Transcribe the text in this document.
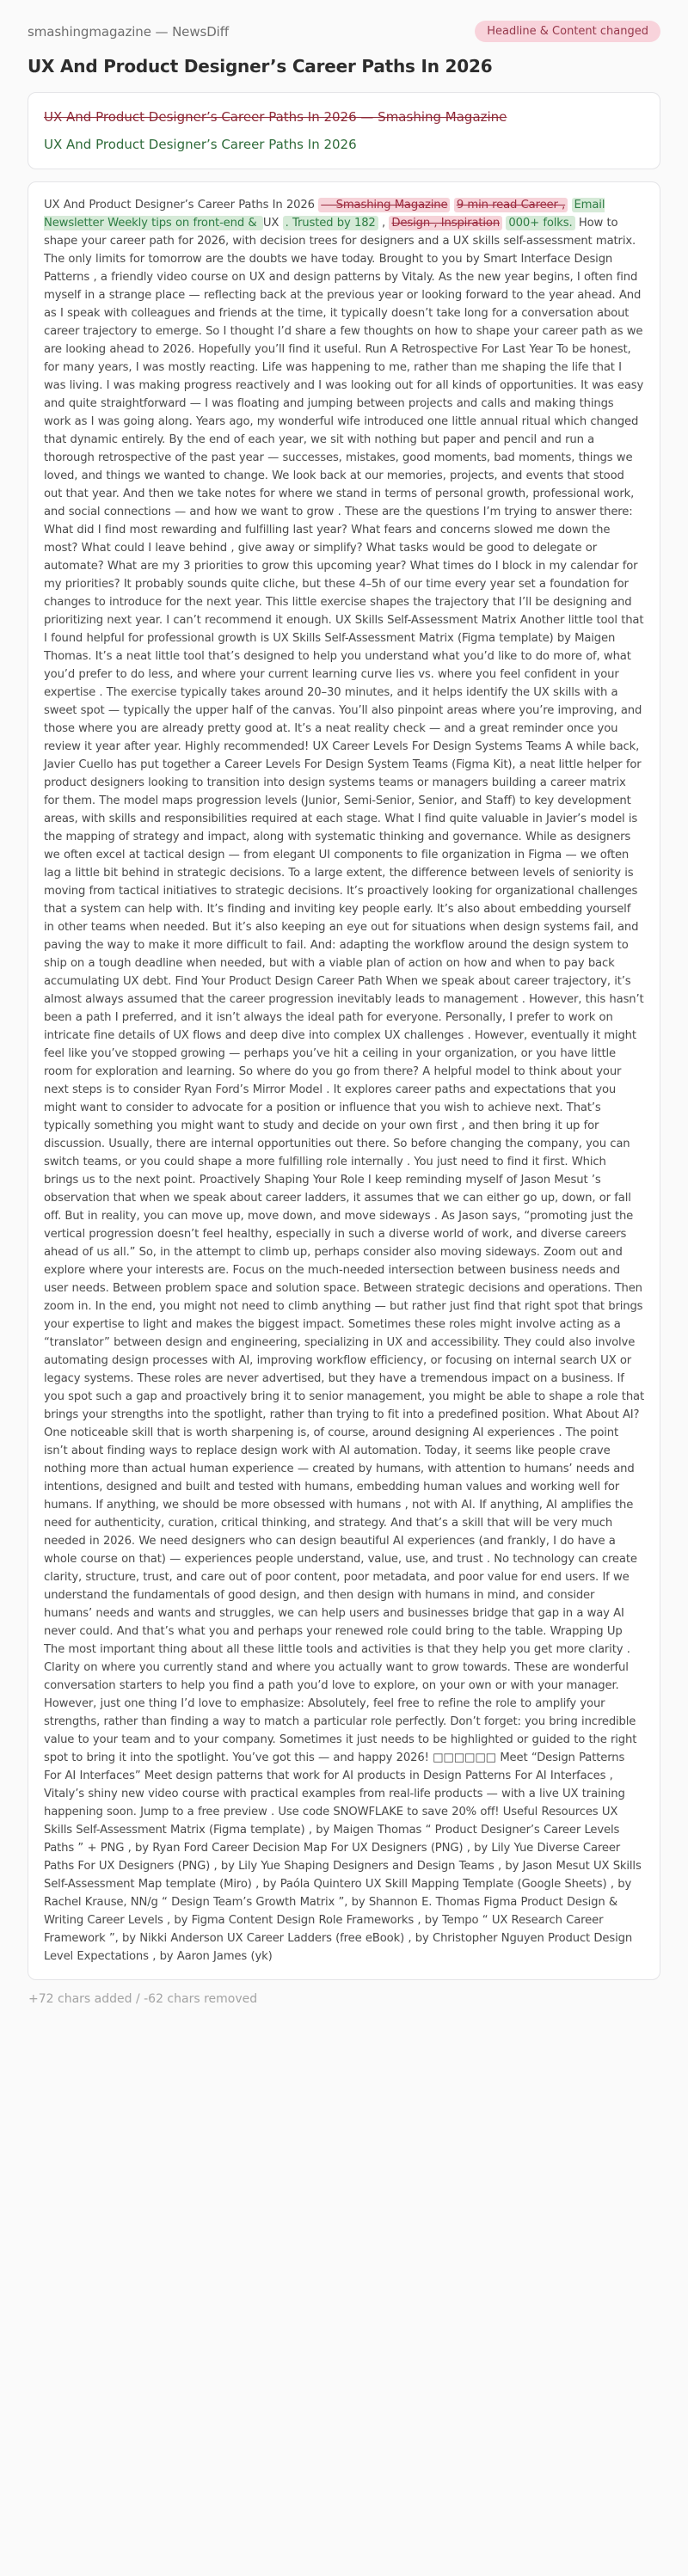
smashingmagazine — NewsDiff	Headline & Content changed
UX And Product Designer’s Career Paths In 2026
UX And Product Designer’s Career Paths In 2026 — Smashing Magazine
UX And Product Designer’s Career Paths In 2026

UX And Product Designer’s Career Paths In 2026 — Smashing Magazine 9 min read Career , Email Newsletter Weekly tips on front-end & UX . Trusted by 182 , Design , Inspiration 000+ folks. How to shape your career path for 2026, with decision trees for designers and a UX skills self-assessment matrix. The only limits for tomorrow are the doubts we have today. Brought to you by Smart Interface Design Patterns , a friendly video course on UX and design patterns by Vitaly. As the new year begins, I often find myself in a strange place — reflecting back at the previous year or looking forward to the year ahead. And as I speak with colleagues and friends at the time, it typically doesn’t take long for a conversation about career trajectory to emerge. So I thought I’d share a few thoughts on how to shape your career path as we are looking ahead to 2026. Hopefully you’ll find it useful. Run A Retrospective For Last Year To be honest, for many years, I was mostly reacting. Life was happening to me, rather than me shaping the life that I was living. I was making progress reactively and I was looking out for all kinds of opportunities. It was easy and quite straightforward — I was floating and jumping between projects and calls and making things work as I was going along. Years ago, my wonderful wife introduced one little annual ritual which changed that dynamic entirely. By the end of each year, we sit with nothing but paper and pencil and run a thorough retrospective of the past year — successes, mistakes, good moments, bad moments, things we loved, and things we wanted to change. We look back at our memories, projects, and events that stood out that year. And then we take notes for where we stand in terms of personal growth, professional work, and social connections — and how we want to grow . These are the questions I’m trying to answer there: What did I find most rewarding and fulfilling last year? What fears and concerns slowed me down the most? What could I leave behind , give away or simplify? What tasks would be good to delegate or automate? What are my 3 priorities to grow this upcoming year? What times do I block in my calendar for my priorities? It probably sounds quite cliche, but these 4–5h of our time every year set a foundation for changes to introduce for the next year. This little exercise shapes the trajectory that I’ll be designing and prioritizing next year. I can’t recommend it enough. UX Skills Self-Assessment Matrix Another little tool that I found helpful for professional growth is UX Skills Self-Assessment Matrix (Figma template) by Maigen Thomas. It’s a neat little tool that’s designed to help you understand what you’d like to do more of, what you’d prefer to do less, and where your current learning curve lies vs. where you feel confident in your expertise . The exercise typically takes around 20–30 minutes, and it helps identify the UX skills with a sweet spot — typically the upper half of the canvas. You’ll also pinpoint areas where you’re improving, and those where you are already pretty good at. It’s a neat reality check — and a great reminder once you review it year after year. Highly recommended! UX Career Levels For Design Systems Teams A while back, Javier Cuello has put together a Career Levels For Design System Teams (Figma Kit), a neat little helper for product designers looking to transition into design systems teams or managers building a career matrix for them. The model maps progression levels (Junior, Semi-Senior, Senior, and Staff) to key development areas, with skills and responsibilities required at each stage. What I find quite valuable in Javier’s model is the mapping of strategy and impact, along with systematic thinking and governance. While as designers we often excel at tactical design — from elegant UI components to file organization in Figma — we often lag a little bit behind in strategic decisions. To a large extent, the difference between levels of seniority is moving from tactical initiatives to strategic decisions. It’s proactively looking for organizational challenges that a system can help with. It’s finding and inviting key people early. It’s also about embedding yourself in other teams when needed. But it’s also keeping an eye out for situations when design systems fail, and paving the way to make it more difficult to fail. And: adapting the workflow around the design system to ship on a tough deadline when needed, but with a viable plan of action on how and when to pay back accumulating UX debt. Find Your Product Design Career Path When we speak about career trajectory, it’s almost always assumed that the career progression inevitably leads to management . However, this hasn’t been a path I preferred, and it isn’t always the ideal path for everyone. Personally, I prefer to work on intricate fine details of UX flows and deep dive into complex UX challenges . However, eventually it might feel like you’ve stopped growing — perhaps you’ve hit a ceiling in your organization, or you have little room for exploration and learning. So where do you go from there? A helpful model to think about your next steps is to consider Ryan Ford’s Mirror Model . It explores career paths and expectations that you might want to consider to advocate for a position or influence that you wish to achieve next. That’s typically something you might want to study and decide on your own first , and then bring it up for discussion. Usually, there are internal opportunities out there. So before changing the company, you can switch teams, or you could shape a more fulfilling role internally . You just need to find it first. Which brings us to the next point. Proactively Shaping Your Role I keep reminding myself of Jason Mesut ’s observation that when we speak about career ladders, it assumes that we can either go up, down, or fall off. But in reality, you can move up, move down, and move sideways . As Jason says, “promoting just the vertical progression doesn’t feel healthy, especially in such a diverse world of work, and diverse careers ahead of us all.” So, in the attempt to climb up, perhaps consider also moving sideways. Zoom out and explore where your interests are. Focus on the much-needed intersection between business needs and user needs. Between problem space and solution space. Between strategic decisions and operations. Then zoom in. In the end, you might not need to climb anything — but rather just find that right spot that brings your expertise to light and makes the biggest impact. Sometimes these roles might involve acting as a “translator” between design and engineering, specializing in UX and accessibility. They could also involve automating design processes with AI, improving workflow efficiency, or focusing on internal search UX or legacy systems. These roles are never advertised, but they have a tremendous impact on a business. If you spot such a gap and proactively bring it to senior management, you might be able to shape a role that brings your strengths into the spotlight, rather than trying to fit into a predefined position. What About AI? One noticeable skill that is worth sharpening is, of course, around designing AI experiences . The point isn’t about finding ways to replace design work with AI automation. Today, it seems like people crave nothing more than actual human experience — created by humans, with attention to humans’ needs and intentions, designed and built and tested with humans, embedding human values and working well for humans. If anything, we should be more obsessed with humans , not with AI. If anything, AI amplifies the need for authenticity, curation, critical thinking, and strategy. And that’s a skill that will be very much needed in 2026. We need designers who can design beautiful AI experiences (and frankly, I do have a whole course on that) — experiences people understand, value, use, and trust . No technology can create clarity, structure, trust, and care out of poor content, poor metadata, and poor value for end users. If we understand the fundamentals of good design, and then design with humans in mind, and consider humans’ needs and wants and struggles, we can help users and businesses bridge that gap in a way AI never could. And that’s what you and perhaps your renewed role could bring to the table. Wrapping Up The most important thing about all these little tools and activities is that they help you get more clarity . Clarity on where you currently stand and where you actually want to grow towards. These are wonderful conversation starters to help you find a path you’d love to explore, on your own or with your manager. However, just one thing I’d love to emphasize: Absolutely, feel free to refine the role to amplify your strengths, rather than finding a way to match a particular role perfectly. Don’t forget: you bring incredible value to your team and to your company. Sometimes it just needs to be highlighted or guided to the right spot to bring it into the spotlight. You’ve got this — and happy 2026! □□□□□□ Meet “Design Patterns For AI Interfaces” Meet design patterns that work for AI products in Design Patterns For AI Interfaces , Vitaly’s shiny new video course with practical examples from real-life products — with a live UX training happening soon. Jump to a free preview . Use code SNOWFLAKE to save 20% off! Useful Resources UX Skills Self-Assessment Matrix (Figma template) , by Maigen Thomas “ Product Designer’s Career Levels Paths ” + PNG , by Ryan Ford Career Decision Map For UX Designers (PNG) , by Lily Yue Diverse Career Paths For UX Designers (PNG) , by Lily Yue Shaping Designers and Design Teams , by Jason Mesut UX Skills Self-Assessment Map template (Miro) , by Paóla Quintero UX Skill Mapping Template (Google Sheets) , by Rachel Krause, NN/g “ Design Team’s Growth Matrix ”, by Shannon E. Thomas Figma Product Design & Writing Career Levels , by Figma Content Design Role Frameworks , by Tempo “ UX Research Career Framework ”, by Nikki Anderson UX Career Ladders (free eBook) , by Christopher Nguyen Product Design Level Expectations , by Aaron James (yk)

+72 chars added / -62 chars removed
